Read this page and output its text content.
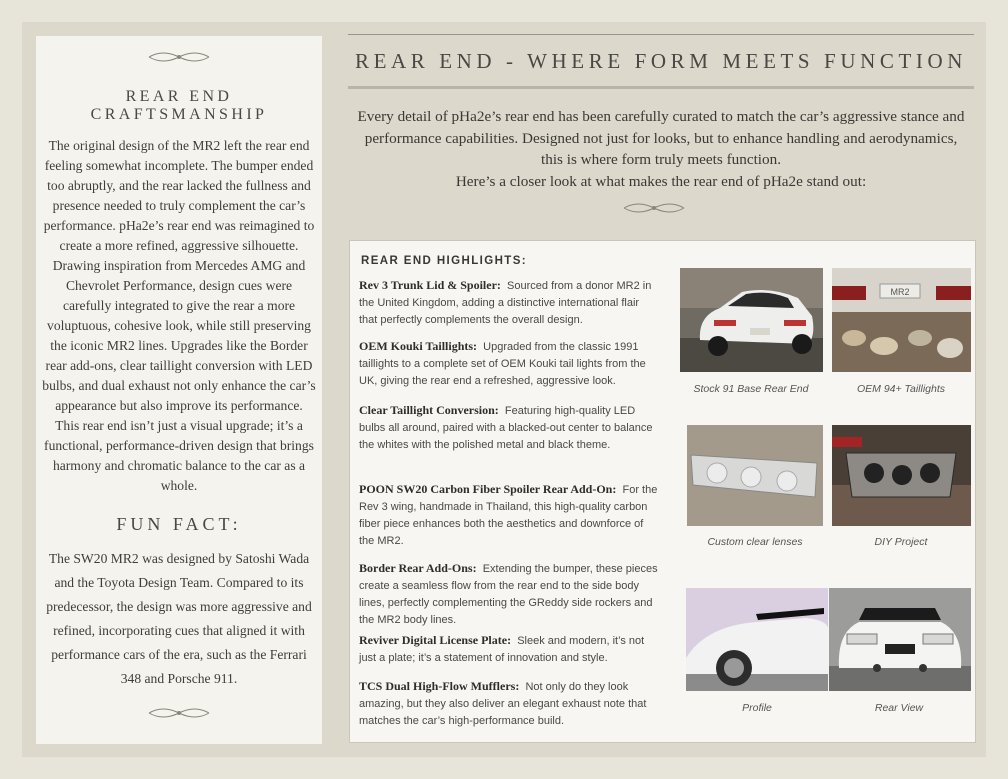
REAR END CRAFTSMANSHIP
The original design of the MR2 left the rear end feeling somewhat incomplete. The bumper ended too abruptly, and the rear lacked the fullness and presence needed to truly complement the car’s performance. pHa2e’s rear end was reimagined to create a more refined, aggressive silhouette. Drawing inspiration from Mercedes AMG and Chevrolet Performance, design cues were carefully integrated to give the rear a more voluptuous, cohesive look, while still preserving the iconic MR2 lines. Upgrades like the Border rear add-ons, clear taillight conversion with LED bulbs, and dual exhaust not only enhance the car’s appearance but also improve its performance. This rear end isn’t just a visual upgrade; it’s a functional, performance-driven design that brings harmony and chromatic balance to the car as a whole.
FUN FACT:
The SW20 MR2 was designed by Satoshi Wada and the Toyota Design Team. Compared to its predecessor, the design was more aggressive and refined, incorporating cues that aligned it with performance cars of the era, such as the Ferrari 348 and Porsche 911.
REAR END - WHERE FORM MEETS FUNCTION
Every detail of pHa2e’s rear end has been carefully curated to match the car’s aggressive stance and performance capabilities. Designed not just for looks, but to enhance handling and aerodynamics, this is where form truly meets function.
Here’s a closer look at what makes the rear end of pHa2e stand out:
REAR END HIGHLIGHTS:
Rev 3 Trunk Lid & Spoiler: Sourced from a donor MR2 in the United Kingdom, adding a distinctive international flair that perfectly complements the overall design.
OEM Kouki Taillights: Upgraded from the classic 1991 taillights to a complete set of OEM Kouki tail lights from the UK, giving the rear end a refreshed, aggressive look.
Clear Taillight Conversion: Featuring high-quality LED bulbs all around, paired with a blacked-out center to balance the whites with the polished metal and black theme.
POON SW20 Carbon Fiber Spoiler Rear Add-On: For the Rev 3 wing, handmade in Thailand, this high-quality carbon fiber piece enhances both the aesthetics and downforce of the MR2.
Border Rear Add-Ons: Extending the bumper, these pieces create a seamless flow from the rear end to the side body lines, perfectly complementing the GReddy side rockers and the MR2 body lines.
Reviver Digital License Plate: Sleek and modern, it’s not just a plate; it’s a statement of innovation and style.
TCS Dual High-Flow Mufflers: Not only do they look amazing, but they also deliver an elegant exhaust note that matches the car’s high-performance build.
Stock 91 Base Rear End
MR2
OEM 94+ Taillights
Custom clear lenses	DIY Project
Profile	Rear View
